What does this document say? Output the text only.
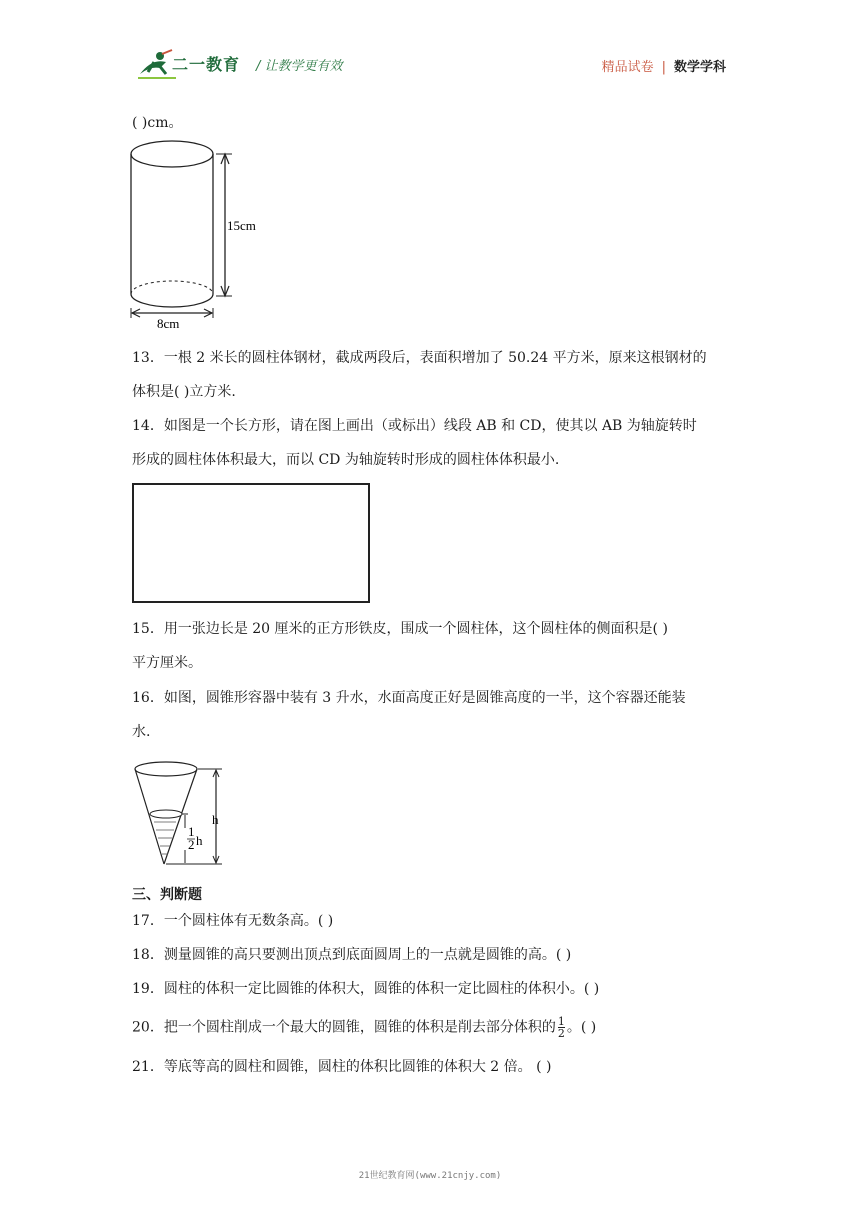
二一教育 / 让教学更有效	精品试卷 | 数学学科
( )cm。
15cm
8cm
13．一根 2 米长的圆柱体钢材，截成两段后，表面积增加了 50.24 平方米，原来这根钢材的
体积是( )立方米.
14．如图是一个长方形，请在图上画出（或标出）线段 AB 和 CD，使其以 AB 为轴旋转时
形成的圆柱体体积最大，而以 CD 为轴旋转时形成的圆柱体体积最小.
15．用一张边长是 20 厘米的正方形铁皮，围成一个圆柱体，这个圆柱体的侧面积是( )
平方厘米。
16．如图，圆锥形容器中装有 3 升水，水面高度正好是圆锥高度的一半，这个容器还能装
水.
h
1
2 h
三、判断题
17．一个圆柱体有无数条高。( )
18．测量圆锥的高只要测出顶点到底面圆周上的一点就是圆锥的高。( )
19．圆柱的体积一定比圆锥的体积大，圆锥的体积一定比圆柱的体积小。( )
20．把一个圆柱削成一个最大的圆锥，圆锥的体积是削去部分体积的 $\frac{1}{2}$ 。( )
21．等底等高的圆柱和圆锥，圆柱的体积比圆锥的体积大 2 倍。 ( )
21世纪教育网(www.21cnjy.com)
